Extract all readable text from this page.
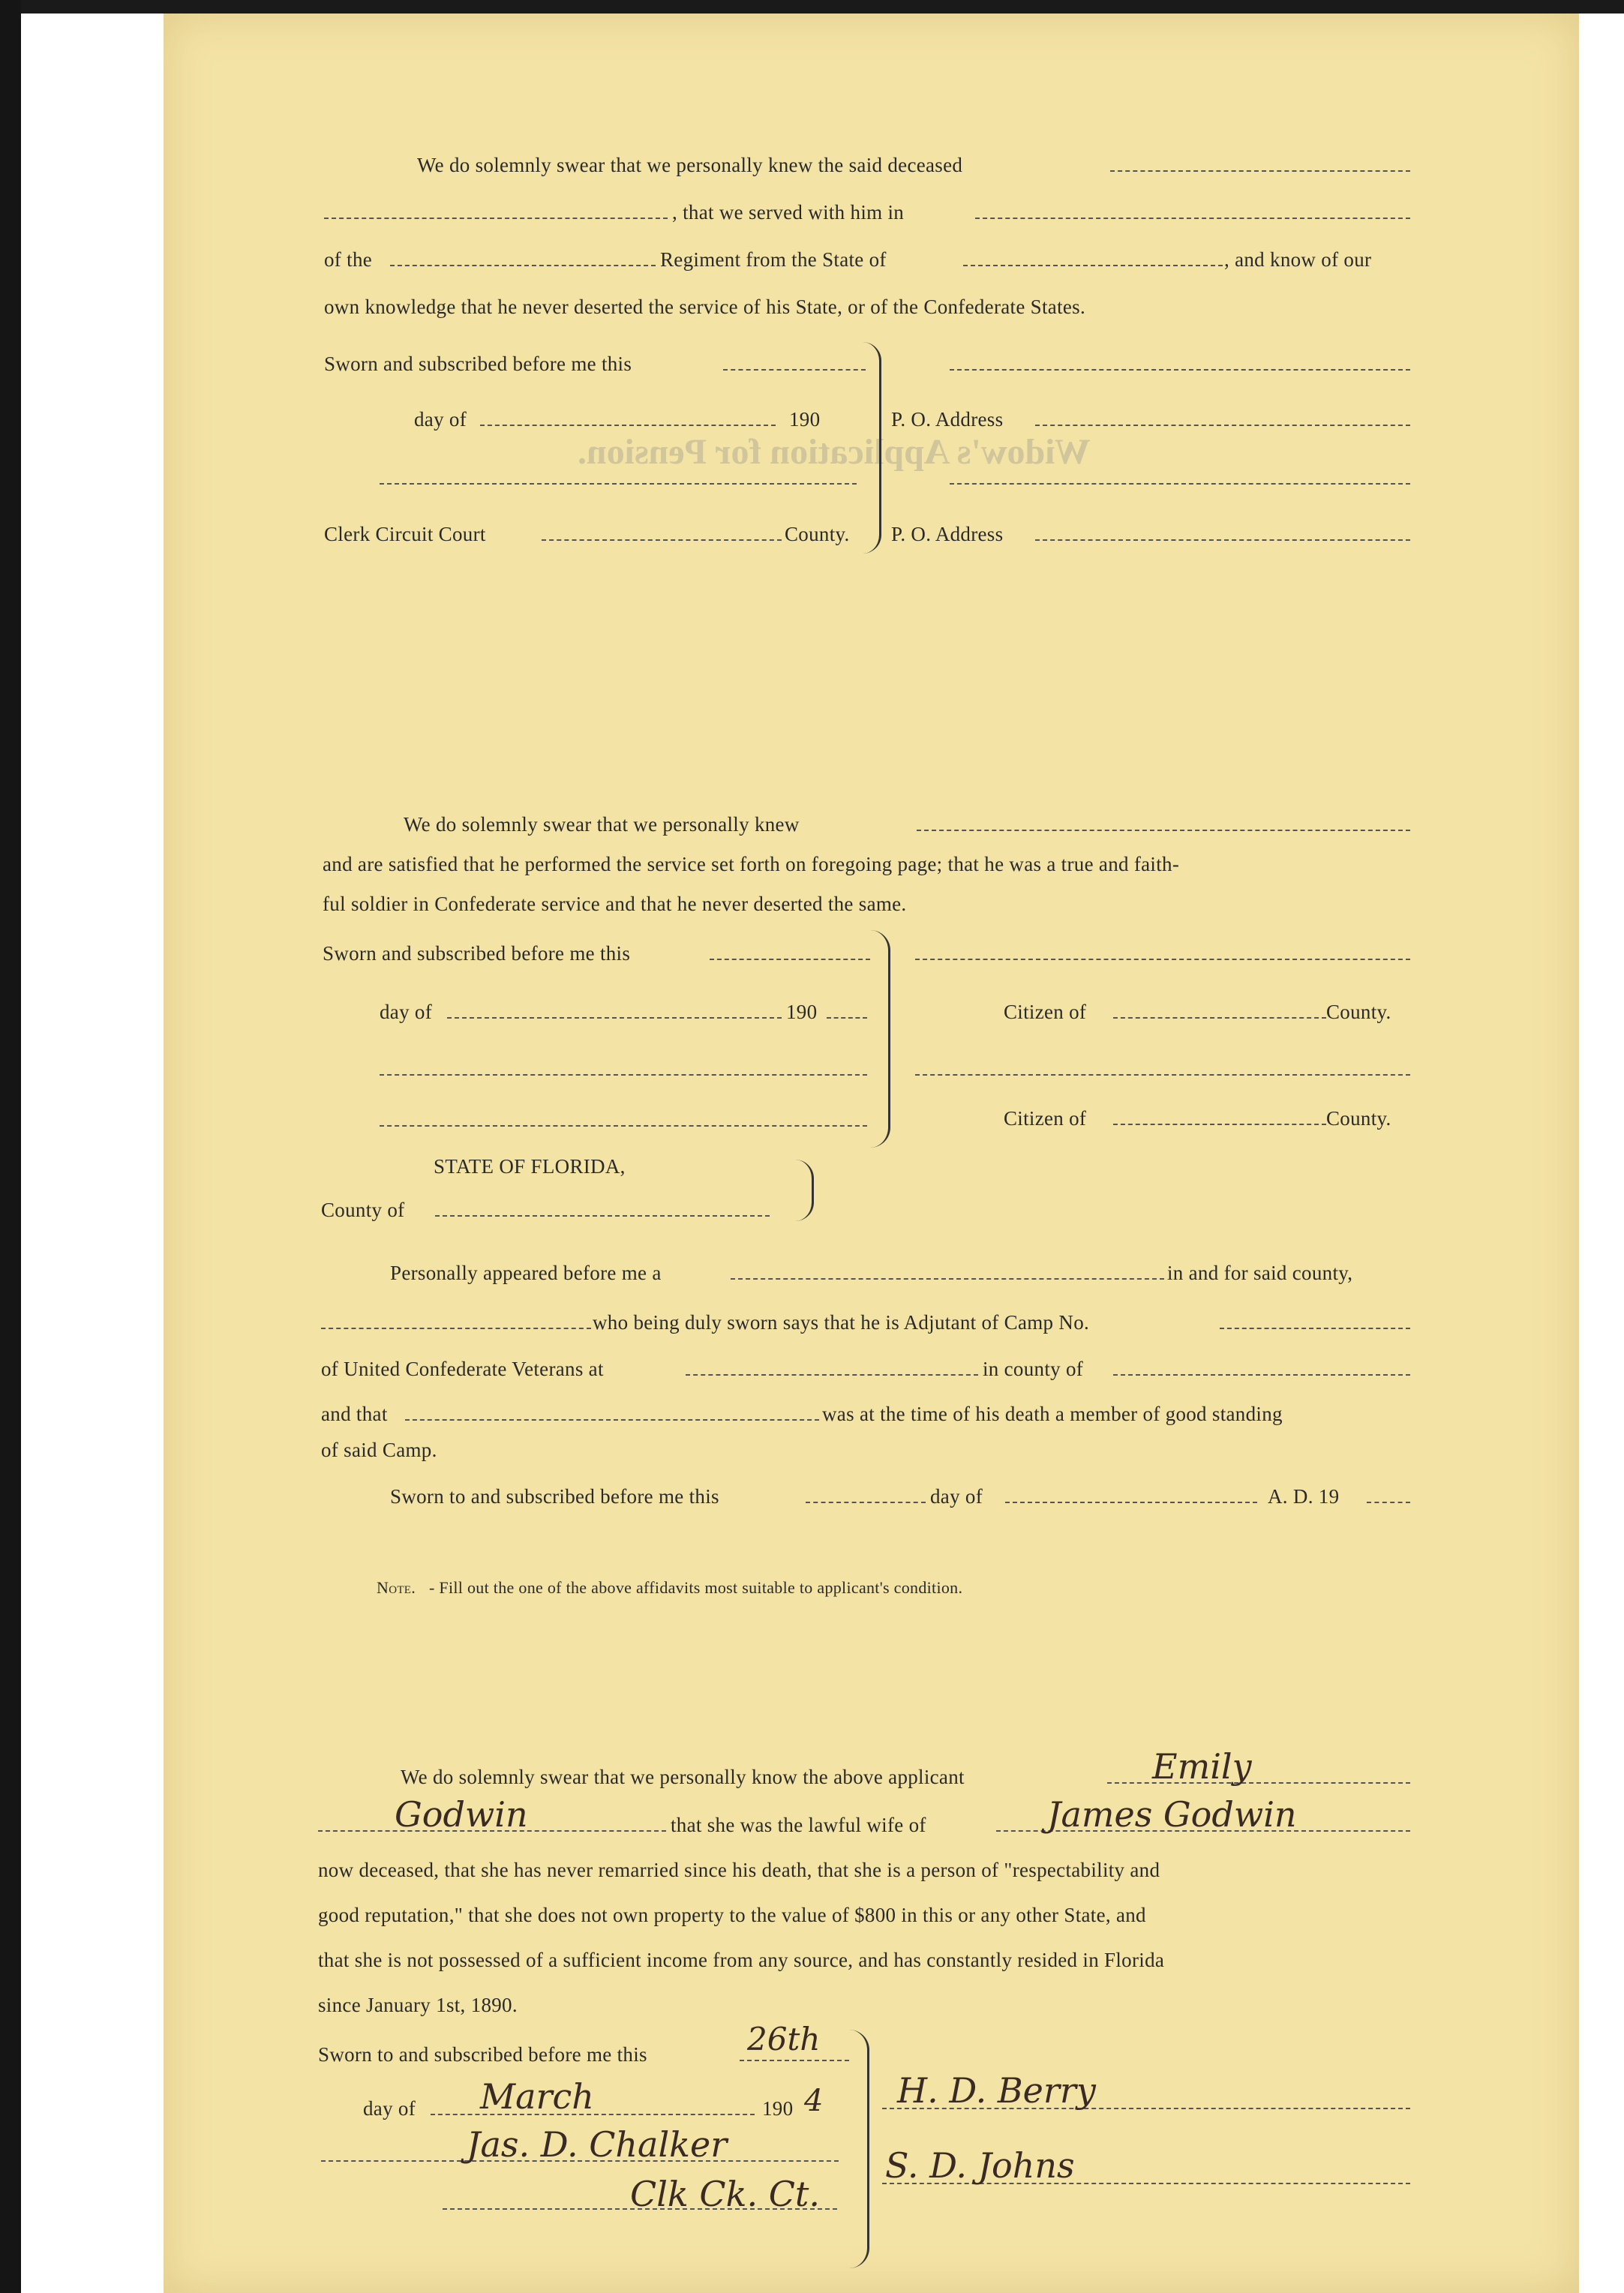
Widow's Application for Pension.
We do solemnly swear that we personally knew the said deceased
, that we served with him in
of the	Regiment from the State of	, and know of our
own knowledge that he never deserted the service of his State, or of the Confederate States.
Sworn and subscribed before me this
day of	190	P. O. Address
Clerk Circuit Court	County. P. O. Address
We do solemnly swear that we personally knew
and are satisfied that he performed the service set forth on foregoing page; that he was a true and faith-
ful soldier in Confederate service and that he never deserted the same.
Sworn and subscribed before me this
day of	190	Citizen of	County.
Citizen of	County.
STATE OF FLORIDA,
County of
Personally appeared before me a	in and for said county,
who being duly sworn says that he is Adjutant of Camp No.
of United Confederate Veterans at	in county of
and that	was at the time of his death a member of good standing
of said Camp.
Sworn to and subscribed before me this	day of	A. D. 19
Note. - Fill out the one of the above affidavits most suitable to applicant's condition.
We do solemnly swear that we personally know the above applicant	Emily
Godwin	that she was the lawful wife of	James Godwin
now deceased, that she has never remarried since his death, that she is a person of "respectability and
good reputation," that she does not own property to the value of $800 in this or any other State, and
that she is not possessed of a sufficient income from any source, and has constantly resided in Florida
since January 1st, 1890.
Sworn to and subscribed before me this	26th
day of March	190 4
Jas. D. Chalker
Clk Ck. Ct.
H. D. Berry
S. D. Johns
